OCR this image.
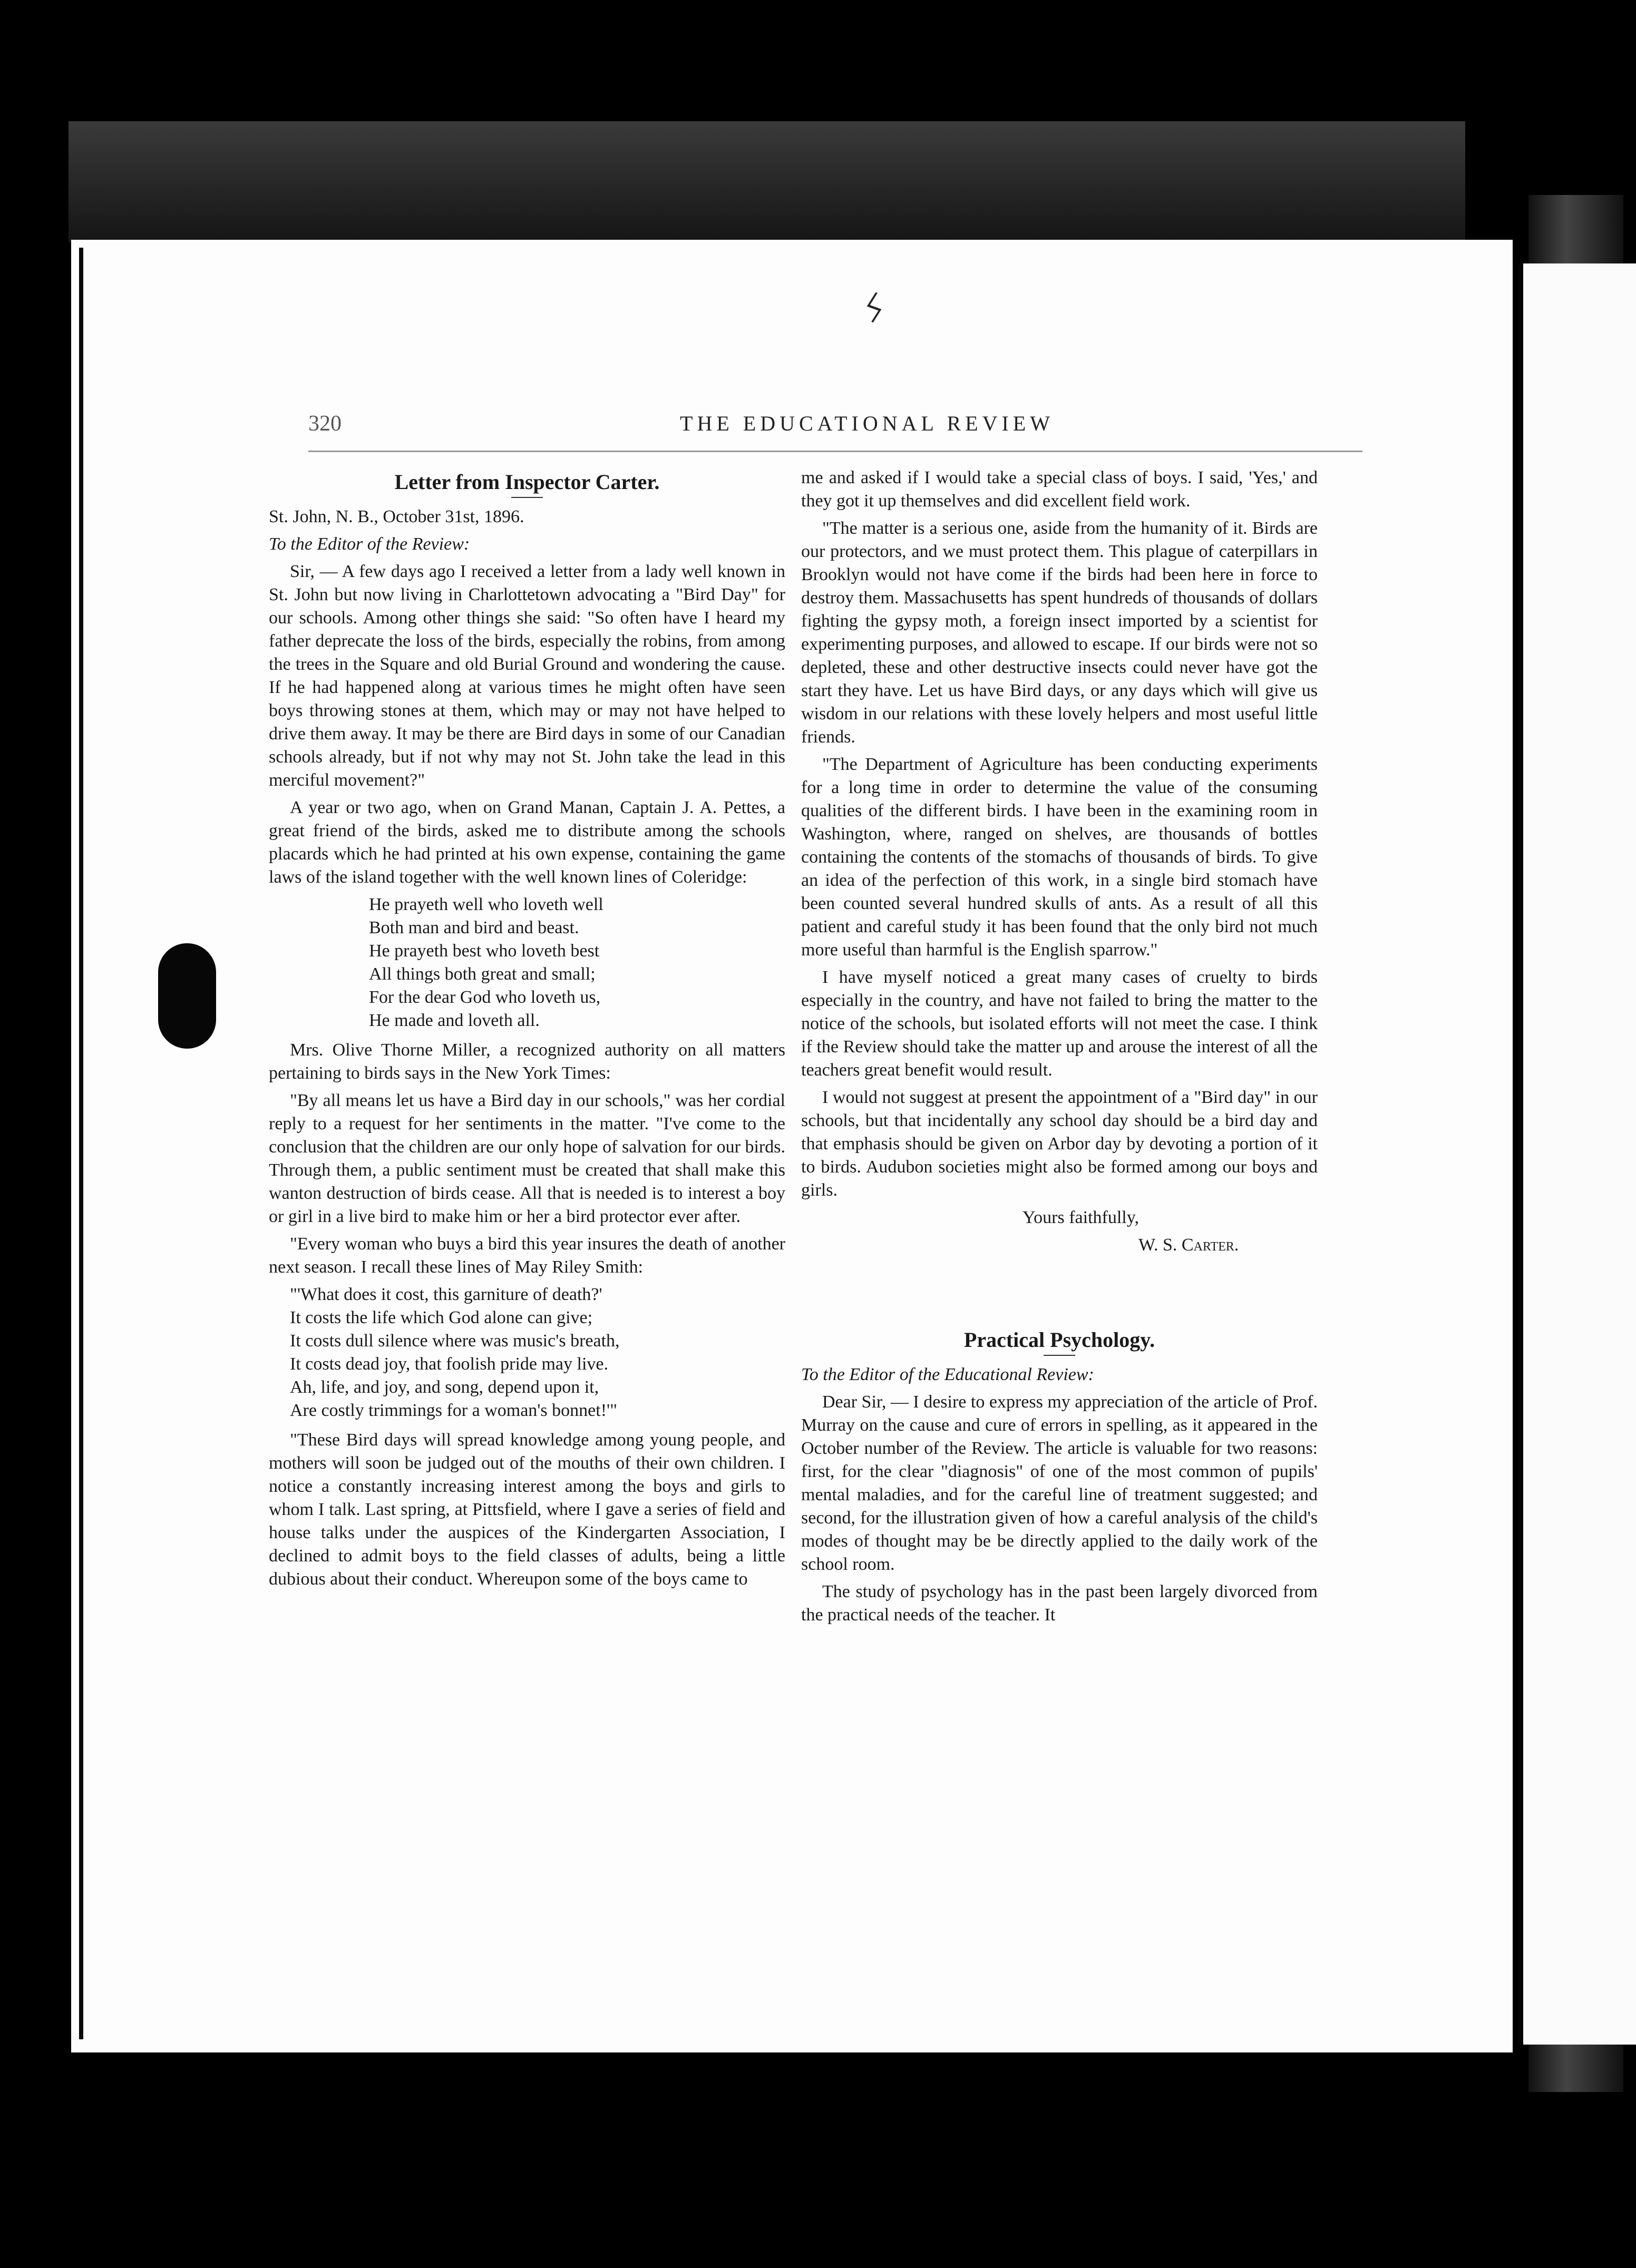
ϟ
320	THE EDUCATIONAL REVIEW
Letter from Inspector Carter.

St. John, N. B., October 31st, 1896.

To the Editor of the Review:

Sir, — A few days ago I received a letter from a lady well known in St. John but now living in Charlottetown advocating a "Bird Day" for our schools. Among other things she said: "So often have I heard my father deprecate the loss of the birds, especially the robins, from among the trees in the Square and old Burial Ground and wondering the cause. If he had happened along at various times he might often have seen boys throwing stones at them, which may or may not have helped to drive them away. It may be there are Bird days in some of our Canadian schools already, but if not why may not St. John take the lead in this merciful movement?"

A year or two ago, when on Grand Manan, Captain J. A. Pettes, a great friend of the birds, asked me to distribute among the schools placards which he had printed at his own expense, containing the game laws of the island together with the well known lines of Coleridge:

He prayeth well who loveth well
Both man and bird and beast.
He prayeth best who loveth best
All things both great and small;
For the dear God who loveth us,
He made and loveth all.

Mrs. Olive Thorne Miller, a recognized authority on all matters pertaining to birds says in the New York Times:

"By all means let us have a Bird day in our schools," was her cordial reply to a request for her sentiments in the matter. "I've come to the conclusion that the children are our only hope of salvation for our birds. Through them, a public sentiment must be created that shall make this wanton destruction of birds cease. All that is needed is to interest a boy or girl in a live bird to make him or her a bird protector ever after.

"Every woman who buys a bird this year insures the death of another next season. I recall these lines of May Riley Smith:

"'What does it cost, this garniture of death?'
It costs the life which God alone can give;
It costs dull silence where was music's breath,
It costs dead joy, that foolish pride may live.
Ah, life, and joy, and song, depend upon it,
Are costly trimmings for a woman's bonnet!'"

"These Bird days will spread knowledge among young people, and mothers will soon be judged out of the mouths of their own children. I notice a constantly increasing interest among the boys and girls to whom I talk. Last spring, at Pittsfield, where I gave a series of field and house talks under the auspices of the Kindergarten Association, I declined to admit boys to the field classes of adults, being a little dubious about their conduct. Whereupon some of the boys came to

me and asked if I would take a special class of boys. I said, 'Yes,' and they got it up themselves and did excellent field work.

"The matter is a serious one, aside from the humanity of it. Birds are our protectors, and we must protect them. This plague of caterpillars in Brooklyn would not have come if the birds had been here in force to destroy them. Massachusetts has spent hundreds of thousands of dollars fighting the gypsy moth, a foreign insect imported by a scientist for experimenting purposes, and allowed to escape. If our birds were not so depleted, these and other destructive insects could never have got the start they have. Let us have Bird days, or any days which will give us wisdom in our relations with these lovely helpers and most useful little friends.

"The Department of Agriculture has been conducting experiments for a long time in order to determine the value of the consuming qualities of the different birds. I have been in the examining room in Washington, where, ranged on shelves, are thousands of bottles containing the contents of the stomachs of thousands of birds. To give an idea of the perfection of this work, in a single bird stomach have been counted several hundred skulls of ants. As a result of all this patient and careful study it has been found that the only bird not much more useful than harmful is the English sparrow."

I have myself noticed a great many cases of cruelty to birds especially in the country, and have not failed to bring the matter to the notice of the schools, but isolated efforts will not meet the case. I think if the Review should take the matter up and arouse the interest of all the teachers great benefit would result.

I would not suggest at present the appointment of a "Bird day" in our schools, but that incidentally any school day should be a bird day and that emphasis should be given on Arbor day by devoting a portion of it to birds. Audubon societies might also be formed among our boys and girls.

Yours faithfully,

W. S. Carter.

Practical Psychology.

To the Editor of the Educational Review:

Dear Sir, — I desire to express my appreciation of the article of Prof. Murray on the cause and cure of errors in spelling, as it appeared in the October number of the Review. The article is valuable for two reasons: first, for the clear "diagnosis" of one of the most common of pupils' mental maladies, and for the careful line of treatment suggested; and second, for the illustration given of how a careful analysis of the child's modes of thought may be be directly applied to the daily work of the school room.

The study of psychology has in the past been largely divorced from the practical needs of the teacher. It
